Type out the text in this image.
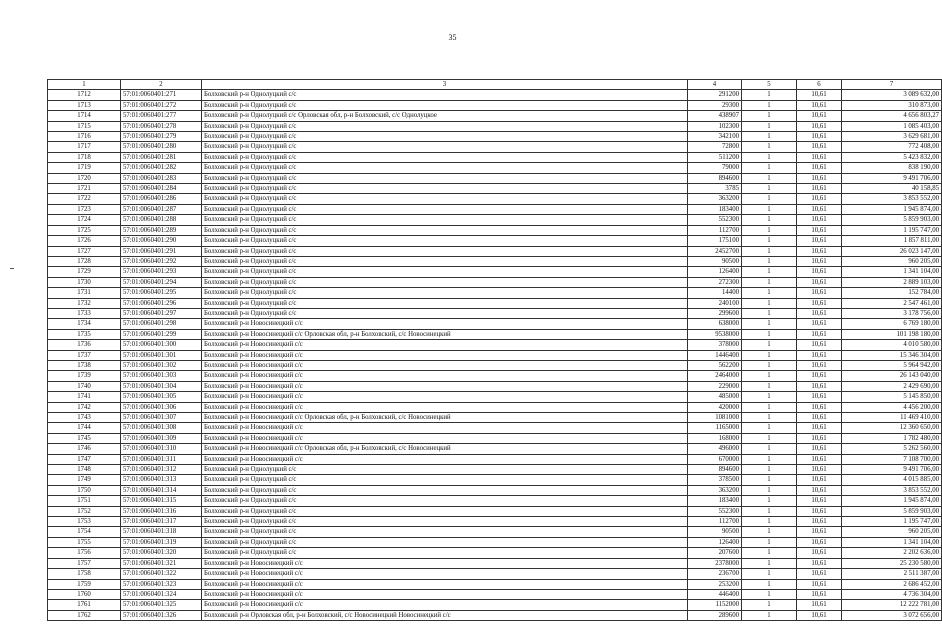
35
1	2	3	4	5	6	7
1712	57:01:0060401:271	Болховский р-н Однолуцкий с/с	291200	1	10,61	3 089 632,00
1713	57:01:0060401:272	Болховский р-н Однолуцкий с/с	29300	1	10,61	310 873,00
1714	57:01:0060401:277	Болховский р-н Однолуцкий с/с Орловская обл, р-н Болховский, с/с Однолуцкое	438907	1	10,61	4 656 803,27
1715	57:01:0060401:278	Болховский р-н Однолуцкий с/с	102300	1	10,61	1 085 403,00
1716	57:01:0060401:279	Болховский р-н Однолуцкий с/с	342100	1	10,61	3 629 681,00
1717	57:01:0060401:280	Болховский р-н Однолуцкий с/с	72800	1	10,61	772 408,00
1718	57:01:0060401:281	Болховский р-н Однолуцкий с/с	511200	1	10,61	5 423 832,00
1719	57:01:0060401:282	Болховский р-н Однолуцкий с/с	79000	1	10,61	838 190,00
1720	57:01:0060401:283	Болховский р-н Однолуцкий с/с	894600	1	10,61	9 491 706,00
1721	57:01:0060401:284	Болховский р-н Однолуцкий с/с	3785	1	10,61	40 158,85
1722	57:01:0060401:286	Болховский р-н Однолуцкий с/с	363200	1	10,61	3 853 552,00
1723	57:01:0060401:287	Болховский р-н Однолуцкий с/с	183400	1	10,61	1 945 874,00
1724	57:01:0060401:288	Болховский р-н Однолуцкий с/с	552300	1	10,61	5 859 903,00
1725	57:01:0060401:289	Болховский р-н Однолуцкий с/с	112700	1	10,61	1 195 747,00
1726	57:01:0060401:290	Болховский р-н Однолуцкий с/с	175100	1	10,61	1 857 811,00
1727	57:01:0060401:291	Болховский р-н Однолуцкий с/с	2452700	1	10,61	26 023 147,00
1728	57:01:0060401:292	Болховский р-н Однолуцкий с/с	90500	1	10,61	960 205,00
1729	57:01:0060401:293	Болховский р-н Однолуцкий с/с	126400	1	10,61	1 341 104,00
1730	57:01:0060401:294	Болховский р-н Однолуцкий с/с	272300	1	10,61	2 889 103,00
1731	57:01:0060401:295	Болховский р-н Однолуцкий с/с	14400	1	10,61	152 784,00
1732	57:01:0060401:296	Болховский р-н Однолуцкий с/с	240100	1	10,61	2 547 461,00
1733	57:01:0060401:297	Болховский р-н Однолуцкий с/с	299600	1	10,61	3 178 756,00
1734	57:01:0060401:298	Болховский р-н Новосинецкий с/с	638000	1	10,61	6 769 180,00
1735	57:01:0060401:299	Болховский р-н Новосинецкий с/с Орловская обл, р-н Болховский, с/с Новосинецкий	9538000	1	10,61	101 198 180,00
1736	57:01:0060401:300	Болховский р-н Новосинецкий с/с	378000	1	10,61	4 010 580,00
1737	57:01:0060401:301	Болховский р-н Новосинецкий с/с	1446400	1	10,61	15 346 304,00
1738	57:01:0060401:302	Болховский р-н Новосинецкий с/с	562200	1	10,61	5 964 942,00
1739	57:01:0060401:303	Болховский р-н Новосинецкий с/с	2464000	1	10,61	26 143 040,00
1740	57:01:0060401:304	Болховский р-н Новосинецкий с/с	229000	1	10,61	2 429 690,00
1741	57:01:0060401:305	Болховский р-н Новосинецкий с/с	485000	1	10,61	5 145 850,00
1742	57:01:0060401:306	Болховский р-н Новосинецкий с/с	420000	1	10,61	4 456 200,00
1743	57:01:0060401:307	Болховский р-н Новосинецкий с/с Орловская обл, р-н Болховский, с/с Новосинецкий	1081000	1	10,61	11 469 410,00
1744	57:01:0060401:308	Болховский р-н Новосинецкий с/с	1165000	1	10,61	12 360 650,00
1745	57:01:0060401:309	Болховский р-н Новосинецкий с/с	168000	1	10,61	1 782 480,00
1746	57:01:0060401:310	Болховский р-н Новосинецкий с/с Орловская обл, р-н Болховский, с/с Новосинецкий	496000	1	10,61	5 262 560,00
1747	57:01:0060401:311	Болховский р-н Новосинецкий с/с	670000	1	10,61	7 108 700,00
1748	57:01:0060401:312	Болховский р-н Однолуцкий с/с	894600	1	10,61	9 491 706,00
1749	57:01:0060401:313	Болховский р-н Однолуцкий с/с	378500	1	10,61	4 015 885,00
1750	57:01:0060401:314	Болховский р-н Однолуцкий с/с	363200	1	10,61	3 853 552,00
1751	57:01:0060401:315	Болховский р-н Однолуцкий с/с	183400	1	10,61	1 945 874,00
1752	57:01:0060401:316	Болховский р-н Однолуцкий с/с	552300	1	10,61	5 859 903,00
1753	57:01:0060401:317	Болховский р-н Однолуцкий с/с	112700	1	10,61	1 195 747,00
1754	57:01:0060401:318	Болховский р-н Однолуцкий с/с	90500	1	10,61	960 205,00
1755	57:01:0060401:319	Болховский р-н Однолуцкий с/с	126400	1	10,61	1 341 104,00
1756	57:01:0060401:320	Болховский р-н Однолуцкий с/с	207600	1	10,61	2 202 636,00
1757	57:01:0060401:321	Болховский р-н Новосинецкий с/с	2378000	1	10,61	25 230 580,00
1758	57:01:0060401:322	Болховский р-н Новосинецкий с/с	236700	1	10,61	2 511 387,00
1759	57:01:0060401:323	Болховский р-н Новосинецкий с/с	253200	1	10,61	2 686 452,00
1760	57:01:0060401:324	Болховский р-н Новосинецкий с/с	446400	1	10,61	4 736 304,00
1761	57:01:0060401:325	Болховский р-н Новосинецкий с/с	1152000	1	10,61	12 222 781,00
1762	57:01:0060401:326	Болховский р-н Орловская обл, р-н Болховский, с/с Новосинецкий Новосинецкий с/с	289600	1	10,61	3 072 656,00
